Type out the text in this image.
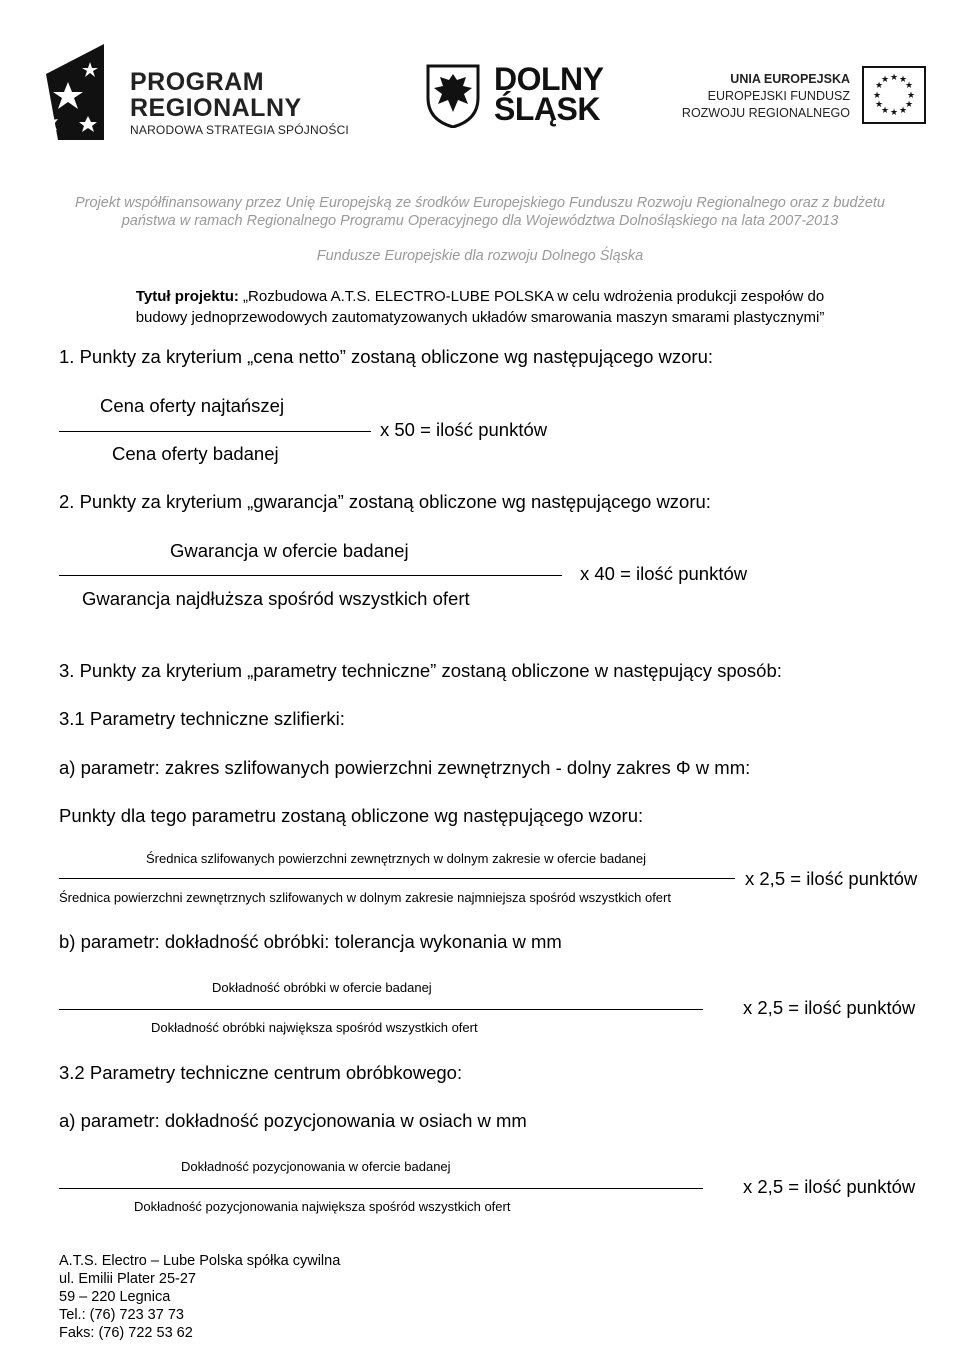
PROGRAM
REGIONALNY
NARODOWA STRATEGIA SPÓJNOŚCI
DOLNY
ŚLĄSK
UNIA EUROPEJSKA
EUROPEJSKI FUNDUSZ
ROZWOJU REGIONALNEGO
★ ★
★
★
★
★
★
★
★
★
★
★
Projekt współfinansowany przez Unię Europejską ze środków Europejskiego Funduszu Rozwoju Regionalnego oraz z budżetu
państwa w ramach Regionalnego Programu Operacyjnego dla Województwa Dolnośląskiego na lata 2007-2013
Fundusze Europejskie dla rozwoju Dolnego Śląska
Tytuł projektu: „Rozbudowa A.T.S. ELECTRO-LUBE POLSKA w celu wdrożenia produkcji zespołów do
budowy jednoprzewodowych zautomatyzowanych układów smarowania maszyn smarami plastycznymi”
1. Punkty za kryterium „cena netto” zostaną obliczone wg następującego wzoru:
Cena oferty najtańszej
x 50 = ilość punktów
Cena oferty badanej
2. Punkty za kryterium „gwarancja” zostaną obliczone wg następującego wzoru:
Gwarancja w ofercie badanej
x 40 = ilość punktów
Gwarancja najdłuższa spośród wszystkich ofert
3. Punkty za kryterium „parametry techniczne” zostaną obliczone w następujący sposób:
3.1 Parametry techniczne szlifierki:
a) parametr: zakres szlifowanych powierzchni zewnętrznych - dolny zakres Φ w mm:
Punkty dla tego parametru zostaną obliczone wg następującego wzoru:
Średnica szlifowanych powierzchni zewnętrznych w dolnym zakresie w ofercie badanej
x 2,5 = ilość punktów
Średnica powierzchni zewnętrznych szlifowanych w dolnym zakresie najmniejsza spośród wszystkich ofert
b) parametr: dokładność obróbki: tolerancja wykonania w mm
Dokładność obróbki w ofercie badanej
x 2,5 = ilość punktów
Dokładność obróbki największa spośród wszystkich ofert
3.2 Parametry techniczne centrum obróbkowego:
a) parametr: dokładność pozycjonowania w osiach w mm
Dokładność pozycjonowania w ofercie badanej
x 2,5 = ilość punktów
Dokładność pozycjonowania największa spośród wszystkich ofert
A.T.S. Electro – Lube Polska spółka cywilna
ul. Emilii Plater 25-27
59 – 220 Legnica
Tel.: (76) 723 37 73
Faks: (76) 722 53 62
